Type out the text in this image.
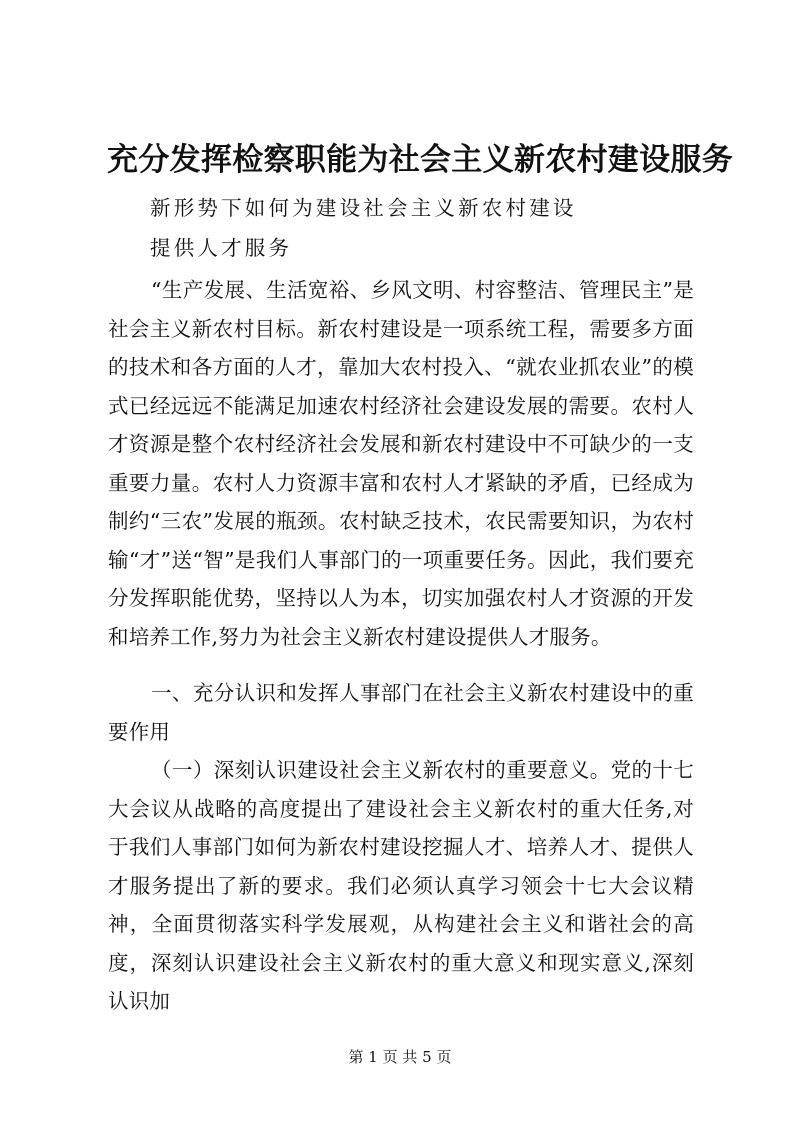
充分发挥检察职能为社会主义新农村建设服务
新形势下如何为建设社会主义新农村建设
提供人才服务
“生产发展、生活宽裕、乡风文明、村容整洁、管理民主”是社会主义新农村目标。新农村建设是一项系统工程，需要多方面的技术和各方面的人才，靠加大农村投入、“就农业抓农业”的模式已经远远不能满足加速农村经济社会建设发展的需要。农村人才资源是整个农村经济社会发展和新农村建设中不可缺少的一支重要力量。农村人力资源丰富和农村人才紧缺的矛盾，已经成为制约“三农”发展的瓶颈。农村缺乏技术，农民需要知识，为农村输“才”送“智”是我们人事部门的一项重要任务。因此，我们要充分发挥职能优势，坚持以人为本，切实加强农村人才资源的开发和培养工作,努力为社会主义新农村建设提供人才服务。
一、充分认识和发挥人事部门在社会主义新农村建设中的重要作用
（一）深刻认识建设社会主义新农村的重要意义。党的十七大会议从战略的高度提出了建设社会主义新农村的重大任务,对于我们人事部门如何为新农村建设挖掘人才、培养人才、提供人才服务提出了新的要求。我们必须认真学习领会十七大会议精神，全面贯彻落实科学发展观，从构建社会主义和谐社会的高度，深刻认识建设社会主义新农村的重大意义和现实意义,深刻认识加
第 1 页 共 5 页
